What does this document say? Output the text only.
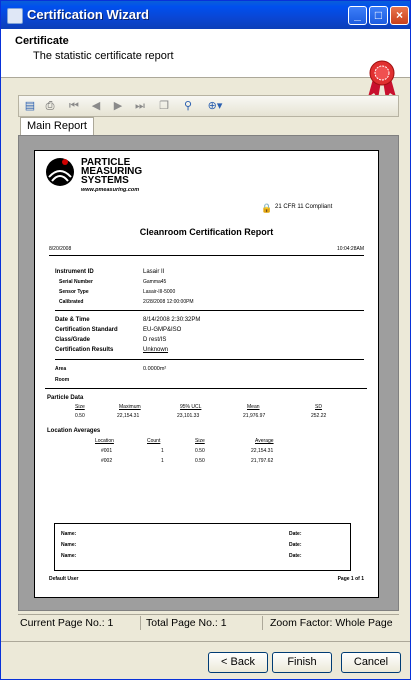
Certification Wizard	_	□	×
Certificate
The statistic certificate report
▤ ⎙ ⏮ ◀ ▶ ⏭ ❐ ⚲	⊕▾
Main Report
PARTICLE
MEASURING
SYSTEMS
www.pmeasuring.com
🔒 21 CFR 11 Compliant
Cleanroom Certification Report
8/20/2008	10:04:28AM
Instrument ID	Lasair II
Serial Number	Gamma45
Sensor Type	Lasair-III-5000
Calibrated	2/28/2008 12:00:00PM
Date & Time	8/14/2008 2:30:32PM
Certification Standard	EU-GMP&ISO
Class/Grade	D rest/IS
Certification Results	Unknown
Area	0.0000m²
Room
Particle Data
Size	Maximum	95% UCL	Mean	SD
0.50	22,154.31	23,101.33	21,976.97	252.22
Location Averages
Location	Count	Size	Average
#001	1	0.50	22,154.31
#002	1	0.50	21,797.62
Name:	Date:
Name:	Date:
Name:	Date:
Default User	Page 1 of 1
Current Page No.: 1	Total Page No.: 1	Zoom Factor: Whole Page
< Back	Finish	Cancel
